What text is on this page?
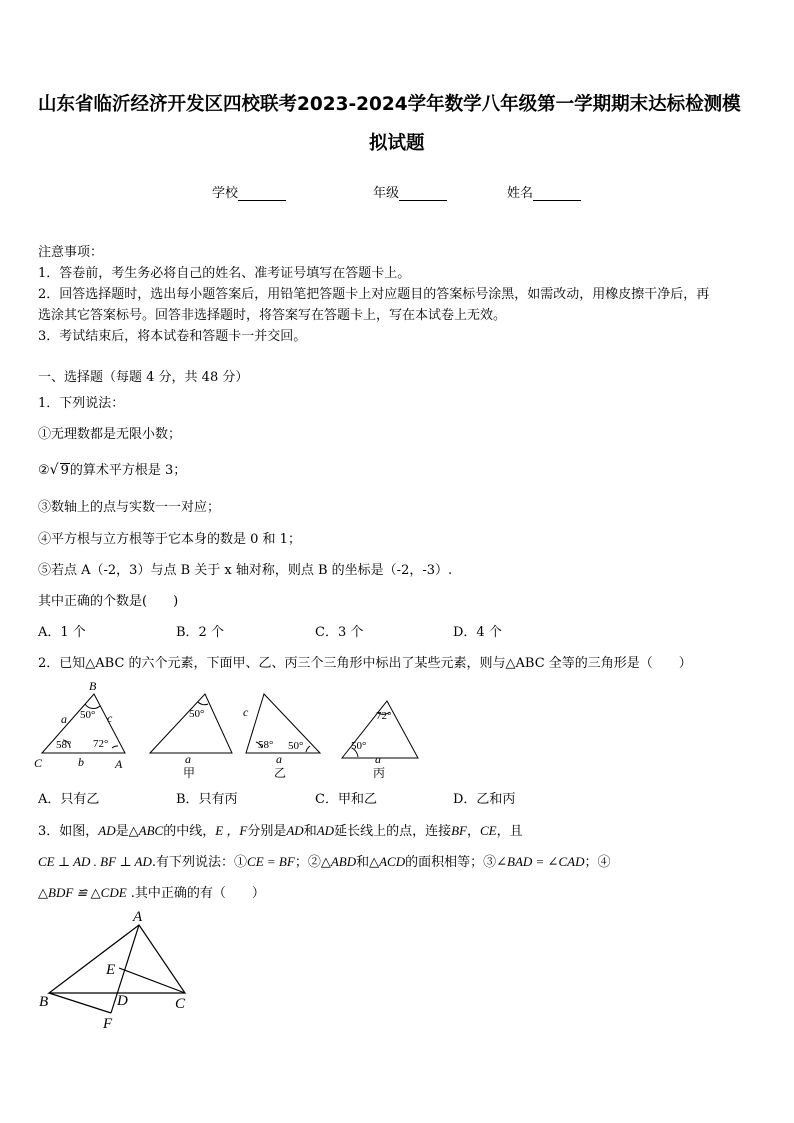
山东省临沂经济开发区四校联考2023-2024学年数学八年级第一学期期末达标检测模
拟试题
学校	年级	姓名
注意事项：
1．答卷前，考生务必将自己的姓名、准考证号填写在答题卡上。
2．回答选择题时，选出每小题答案后，用铅笔把答题卡上对应题目的答案标号涂黑，如需改动，用橡皮擦干净后，再
选涂其它答案标号。回答非选择题时，将答案写在答题卡上，写在本试卷上无效。
3．考试结束后，将本试卷和答题卡一并交回。
一、选择题（每题 4 分，共 48 分）
1．下列说法：
①无理数都是无限小数；
②√ 9的算术平方根是 3；
③数轴上的点与实数一一对应；
④平方根与立方根等于它本身的数是 0 和 1；
⑤若点 A（-2，3）与点 B 关于 x 轴对称，则点 B 的坐标是（-2，-3）.
其中正确的个数是(　　)
A．1 个	B．2 个	C．3 个	D．4 个
2．已知△ABC 的六个元素，下面甲、乙、丙三个三角形中标出了某些元素，则与△ABC 全等的三角形是（　　）
B
a	c
C	b	A
c
a	a	a
50°
58° 72°
50°
58° 50°
72°
50°
甲	乙	丙
A．只有乙	B．只有丙	C．甲和乙	D．乙和丙
3．如图，AD是△ABC的中线，E ，F分别是AD和AD延长线上的点，连接BF，CE，且
CE ⊥ AD . BF ⊥ AD.有下列说法：①CE = BF；②△ABD和△ACD的面积相等；③∠BAD = ∠CAD；④
△BDF ≌ △CDE .其中正确的有（　　）
A
E
B	D	C
F
